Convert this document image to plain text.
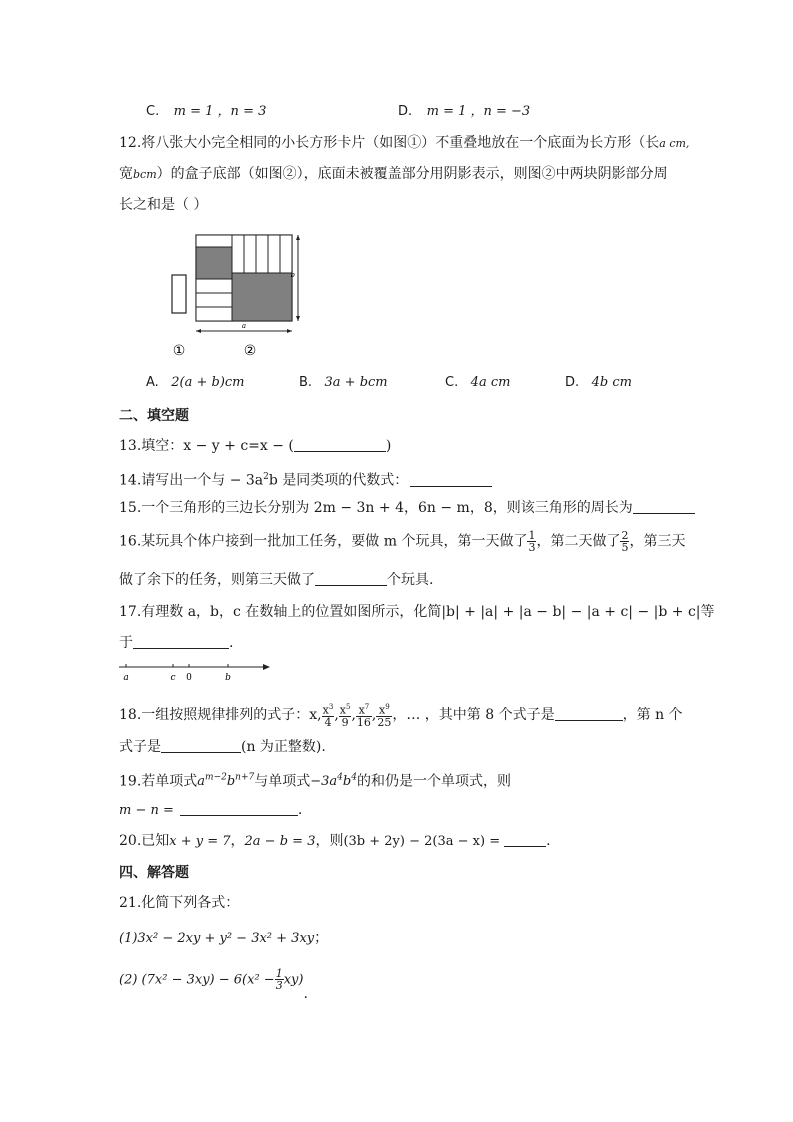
C. m = 1 ，n = 3	D. m = 1 ，n = −3
12.将八张大小完全相同的小长方形卡片（如图①）不重叠地放在一个底面为长方形（长a cm,
宽bcm）的盒子底部（如图②），底面未被覆盖部分用阴影表示，则图②中两块阴影部分周
长之和是（ ）
a
b
①	②
A. 2(a + b)cm	B. 3a + bcm	C. 4a cm	D. 4b cm
二、填空题
13.填空：x − y + c=x − (	)
14.请写出一个与 − $3a^2b$ 是同类项的代数式：
15.一个三角形的三边长分别为 2m − 3n + 4，6n − m，8，则该三角形的周长为
16.某玩具个体户接到一批加工任务，要做 m 个玩具，第一天做了 $\frac{1}{3}$ ，第二天做了 $\frac{2}{5}$ ，第三天
做了余下的任务，则第三天做了	个玩具.
17.有理数 a，b，c 在数轴上的位置如图所示，化简|b| + |a| + |a − b| − |a + c| − |b + c|等
于	.
a	c 0	b
18.一组按照规律排列的式子：x, $\frac{x^3}{4}$ , $\frac{x^5}{9}$ , $\frac{x^7}{16}$ , $\frac{x^9}{25}$ ，… ，其中第 8 个式子是	，第 n 个
式子是	(n 为正整数).
19.若单项式$a^{m-2}b^{n+7}$与单项式$-3a^4b^4$的和仍是一个单项式，则
m − n =	.
20.已知x + y = 7，2a − b = 3，则(3b + 2y) − 2(3a − x) =	.
四、解答题
21.化简下列各式：
(1)3x² − 2xy + y² − 3x² + 3xy；
(2) $(7x^2 - 3xy) - 6(x^2 - \frac{1}{3} xy)$.
